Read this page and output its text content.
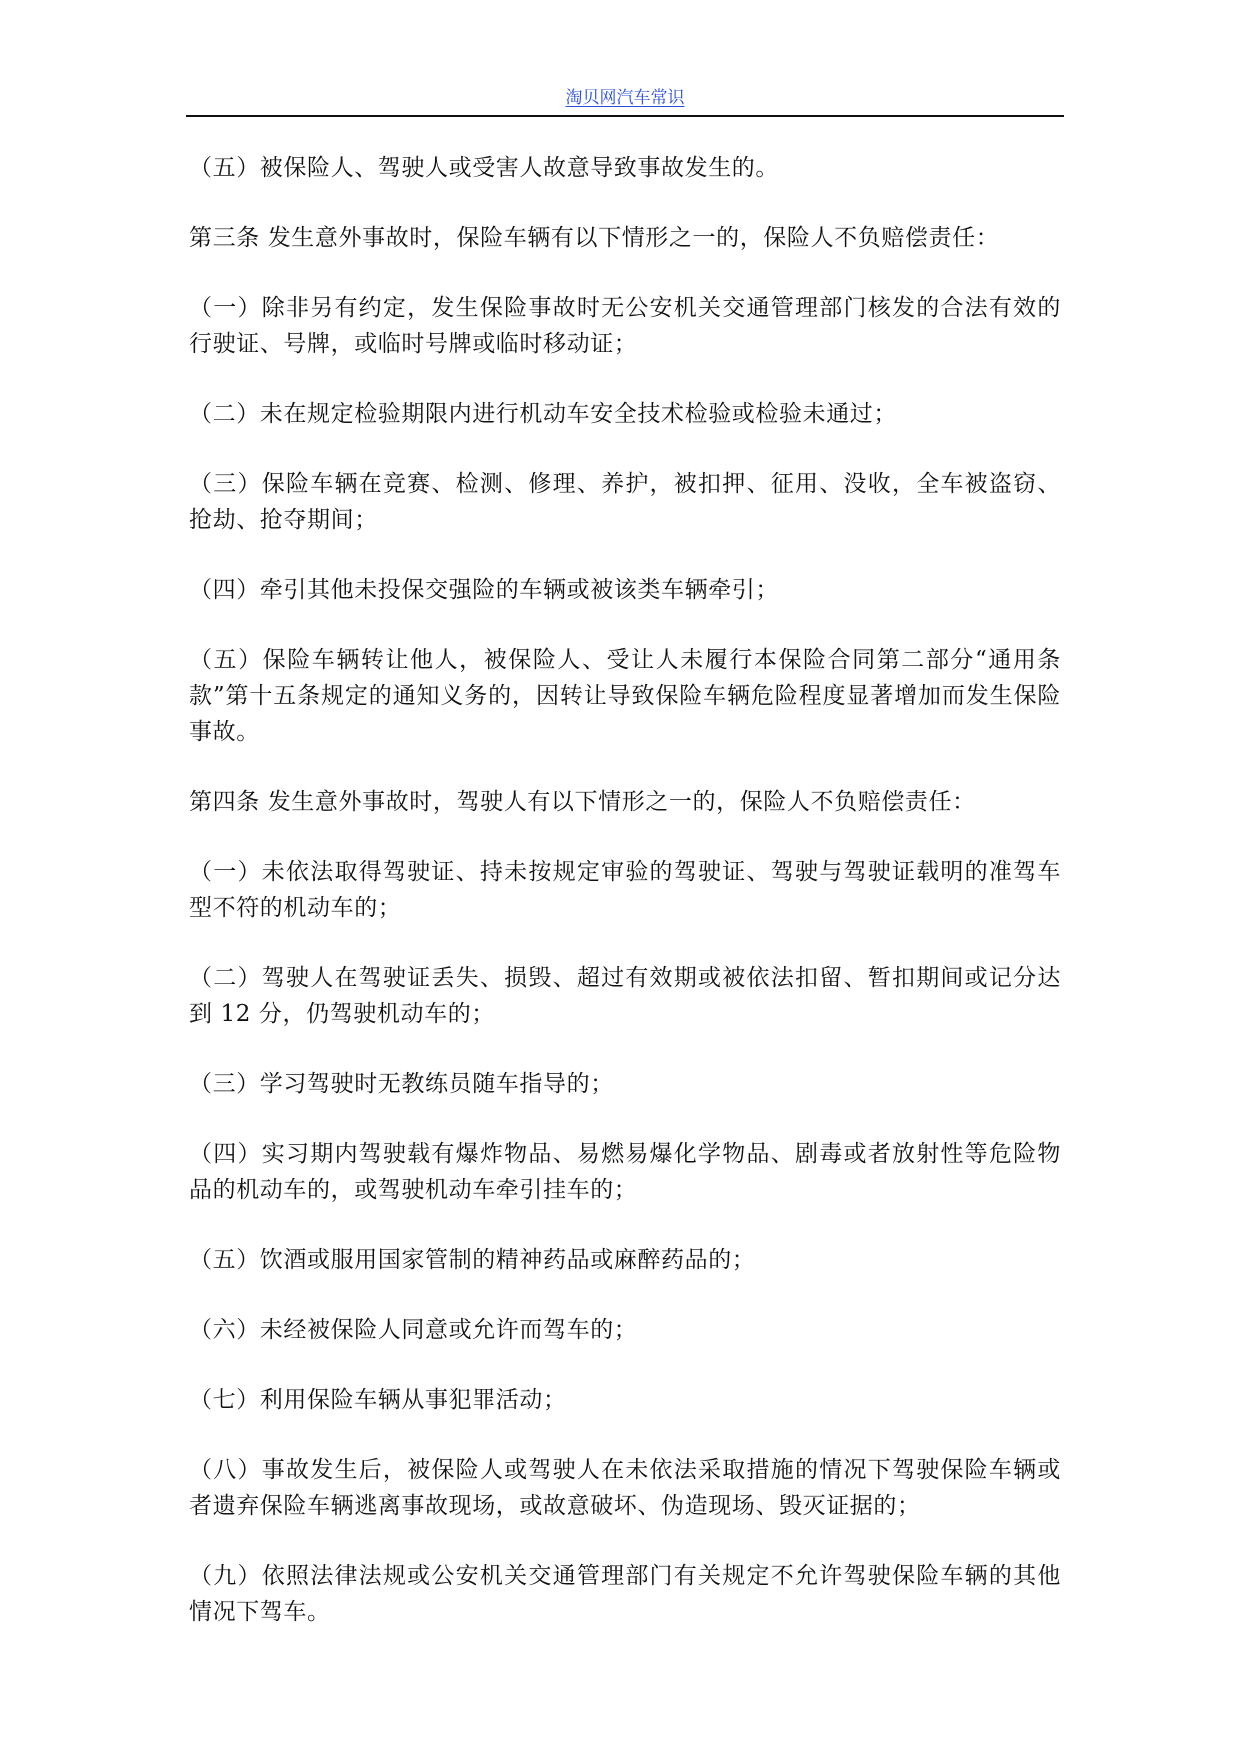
淘贝网汽车常识

（五）被保险人、驾驶人或受害人故意导致事故发生的。

第三条 发生意外事故时，保险车辆有以下情形之一的，保险人不负赔偿责任：

（一）除非另有约定，发生保险事故时无公安机关交通管理部门核发的合法有效的行驶证、号牌，或临时号牌或临时移动证；

（二）未在规定检验期限内进行机动车安全技术检验或检验未通过；

（三）保险车辆在竞赛、检测、修理、养护，被扣押、征用、没收，全车被盗窃、抢劫、抢夺期间；

（四）牵引其他未投保交强险的车辆或被该类车辆牵引；

（五）保险车辆转让他人，被保险人、受让人未履行本保险合同第二部分“通用条款”第十五条规定的通知义务的，因转让导致保险车辆危险程度显著增加而发生保险事故。

第四条 发生意外事故时，驾驶人有以下情形之一的，保险人不负赔偿责任：

（一）未依法取得驾驶证、持未按规定审验的驾驶证、驾驶与驾驶证载明的准驾车型不符的机动车的；

（二）驾驶人在驾驶证丢失、损毁、超过有效期或被依法扣留、暂扣期间或记分达到 12 分，仍驾驶机动车的；

（三）学习驾驶时无教练员随车指导的；

（四）实习期内驾驶载有爆炸物品、易燃易爆化学物品、剧毒或者放射性等危险物品的机动车的，或驾驶机动车牵引挂车的；

（五）饮酒或服用国家管制的精神药品或麻醉药品的；

（六）未经被保险人同意或允许而驾车的；

（七）利用保险车辆从事犯罪活动；

（八）事故发生后，被保险人或驾驶人在未依法采取措施的情况下驾驶保险车辆或者遗弃保险车辆逃离事故现场，或故意破坏、伪造现场、毁灭证据的；

（九）依照法律法规或公安机关交通管理部门有关规定不允许驾驶保险车辆的其他情况下驾车。
